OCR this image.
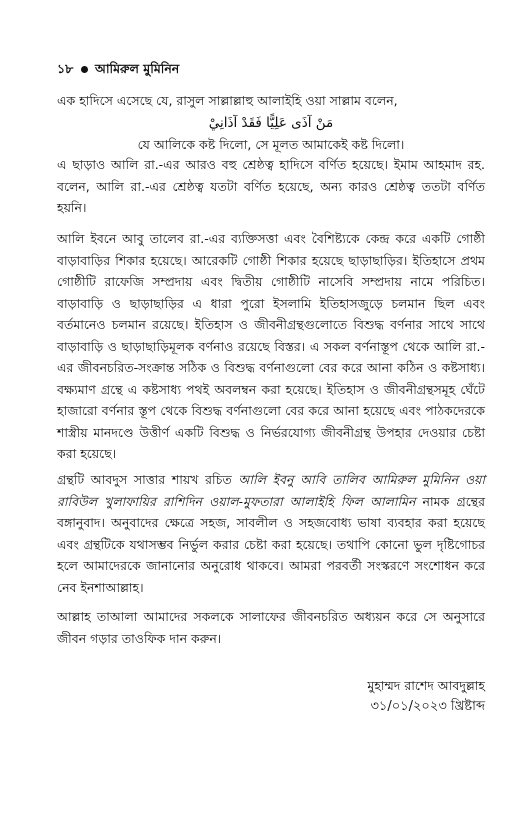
১৮ আমিরুল মুমিনিন
এক হাদিসে এসেছে যে, রাসুল সাল্লাল্লাহু আলাইহি ওয়া সাল্লাম বলেন,
مَنْ آذَى عَلِيًّا فَقَدْ آذَانِيْ
যে আলিকে কষ্ট দিলো, সে মূলত আমাকেই কষ্ট দিলো।

এ ছাড়াও আলি রা.-এর আরও বহু শ্রেষ্ঠত্ব হাদিসে বর্ণিত হয়েছে। ইমাম আহমাদ রহ. বলেন, আলি রা.-এর শ্রেষ্ঠত্ব যতটা বর্ণিত হয়েছে, অন্য কারও শ্রেষ্ঠত্ব ততটা বর্ণিত হয়নি।

আলি ইবনে আবু তালেব রা.-এর ব্যক্তিসত্তা এবং বৈশিষ্ট্যকে কেন্দ্র করে একটি গোষ্ঠী বাড়াবাড়ির শিকার হয়েছে। আরেকটি গোষ্ঠী শিকার হয়েছে ছাড়াছাড়ির। ইতিহাসে প্রথম গোষ্ঠীটি রাফেজি সম্প্রদায় এবং দ্বিতীয় গোষ্ঠীটি নাসেবি সম্প্রদায় নামে পরিচিত। বাড়াবাড়ি ও ছাড়াছাড়ির এ ধারা পুরো ইসলামি ইতিহাসজুড়ে চলমান ছিল এবং বর্তমানেও চলমান রয়েছে। ইতিহাস ও জীবনীগ্রন্থগুলোতে বিশুদ্ধ বর্ণনার সাথে সাথে বাড়াবাড়ি ও ছাড়াছাড়িমূলক বর্ণনাও রয়েছে বিস্তর। এ সকল বর্ণনাস্তূপ থেকে আলি রা.-এর জীবনচরিত-সংক্রান্ত সঠিক ও বিশুদ্ধ বর্ণনাগুলো বের করে আনা কঠিন ও কষ্টসাধ্য। বক্ষ্যমাণ গ্রন্থে এ কষ্টসাধ্য পথই অবলম্বন করা হয়েছে। ইতিহাস ও জীবনীগ্রন্থসমূহ ঘেঁটে হাজারো বর্ণনার স্তূপ থেকে বিশুদ্ধ বর্ণনাগুলো বের করে আনা হয়েছে এবং পাঠকদেরকে শাস্ত্রীয় মানদণ্ডে উত্তীর্ণ একটি বিশুদ্ধ ও নির্ভরযোগ্য জীবনীগ্রন্থ উপহার দেওয়ার চেষ্টা করা হয়েছে।

গ্রন্থটি আবদুস সাত্তার শায়খ রচিত আলি ইবনু আবি তালিব আমিরুল মুমিনিন ওয়া রাবিউল খুলাফায়ির রাশিদিন ওয়াল-মুফতারা আলাইহি ফিল আলামিন নামক গ্রন্থের বঙ্গানুবাদ। অনুবাদের ক্ষেত্রে সহজ, সাবলীল ও সহজবোধ্য ভাষা ব্যবহার করা হয়েছে এবং গ্রন্থটিকে যথাসম্ভব নির্ভুল করার চেষ্টা করা হয়েছে। তথাপি কোনো ভুল দৃষ্টিগোচর হলে আমাদেরকে জানানোর অনুরোধ থাকবে। আমরা পরবর্তী সংস্করণে সংশোধন করে নেব ইনশাআল্লাহ।

আল্লাহ তাআলা আমাদের সকলকে সালাফের জীবনচরিত অধ্যয়ন করে সে অনুসারে জীবন গড়ার তাওফিক দান করুন।

মুহাম্মদ রাশেদ আবদুল্লাহ
৩১/০১/২০২৩ খ্রিষ্টাব্দ
